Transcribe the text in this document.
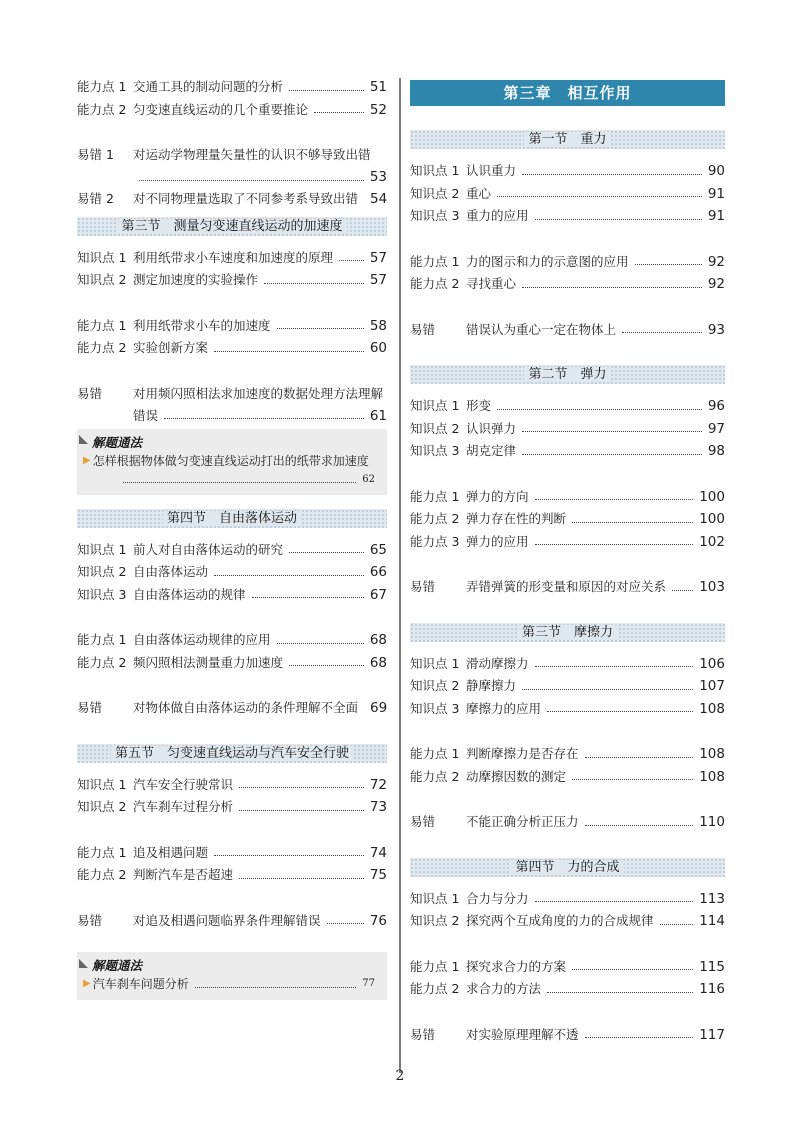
能力点 1 交通工具的制动问题的分析	51
能力点 2 匀变速直线运动的几个重要推论	52
易错 1	对运动学物理量矢量性的认识不够导致出错
53
易错 2	对不同物理量选取了不同参考系导致出错 54
第三节　测量匀变速直线运动的加速度
知识点 1 利用纸带求小车速度和加速度的原理	57
知识点 2 测定加速度的实验操作	57
能力点 1 利用纸带求小车的加速度	58
能力点 2 实验创新方案	60
易错	对用频闪照相法求加速度的数据处理方法理解
错误	61
解题通法
▶ 怎样根据物体做匀变速直线运动打出的纸带求加速度
62
第四节　自由落体运动
知识点 1 前人对自由落体运动的研究	65
知识点 2 自由落体运动	66
知识点 3 自由落体运动的规律	67
能力点 1 自由落体运动规律的应用	68
能力点 2 频闪照相法测量重力加速度	68
易错	对物体做自由落体运动的条件理解不全面 69
第五节　匀变速直线运动与汽车安全行驶
知识点 1 汽车安全行驶常识	72
知识点 2 汽车刹车过程分析	73
能力点 1 追及相遇问题	74
能力点 2 判断汽车是否超速	75
易错	对追及相遇问题临界条件理解错误	76
解题通法
▶ 汽车刹车问题分析	77
第三章　相互作用
第一节　重力
知识点 1 认识重力	90
知识点 2 重心	91
知识点 3 重力的应用	91
能力点 1 力的图示和力的示意图的应用	92
能力点 2 寻找重心	92
易错	错误认为重心一定在物体上	93
第二节　弹力
知识点 1 形变	96
知识点 2 认识弹力	97
知识点 3 胡克定律	98
能力点 1 弹力的方向	100
能力点 2 弹力存在性的判断	100
能力点 3 弹力的应用	102
易错	弄错弹簧的形变量和原因的对应关系 103
第三节　摩擦力
知识点 1 滑动摩擦力	106
知识点 2 静摩擦力	107
知识点 3 摩擦力的应用	108
能力点 1 判断摩擦力是否存在	108
能力点 2 动摩擦因数的测定	108
易错	不能正确分析正压力	110
第四节　力的合成
知识点 1 合力与分力	113
知识点 2 探究两个互成角度的力的合成规律	114
能力点 1 探究求合力的方案	115
能力点 2 求合力的方法	116
易错	对实验原理理解不透	117
2
